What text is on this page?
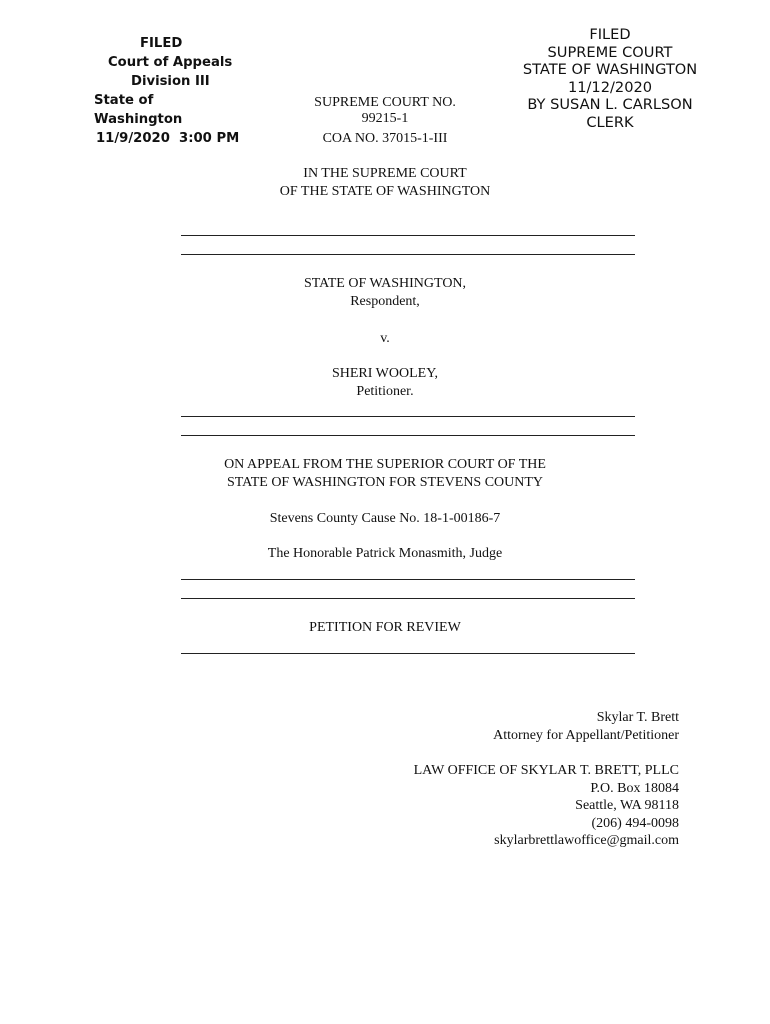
FILED
Court of Appeals
Division III
State of Washington
11/9/2020  3:00 PM
FILED
SUPREME COURT
STATE OF WASHINGTON
11/12/2020
BY SUSAN L. CARLSON
CLERK
SUPREME COURT NO.
99215-1
COA NO. 37015-1-III
IN THE SUPREME COURT
OF THE STATE OF WASHINGTON
STATE OF WASHINGTON,
Respondent,
v.
SHERI WOOLEY,
Petitioner.
ON APPEAL FROM THE SUPERIOR COURT OF THE
STATE OF WASHINGTON FOR STEVENS COUNTY
Stevens County Cause No. 18-1-00186-7
The Honorable Patrick Monasmith, Judge
PETITION FOR REVIEW
Skylar T. Brett
Attorney for Appellant/Petitioner
LAW OFFICE OF SKYLAR T. BRETT, PLLC
P.O. Box 18084
Seattle, WA 98118
(206) 494-0098
skylarbrettlawoffice@gmail.com
